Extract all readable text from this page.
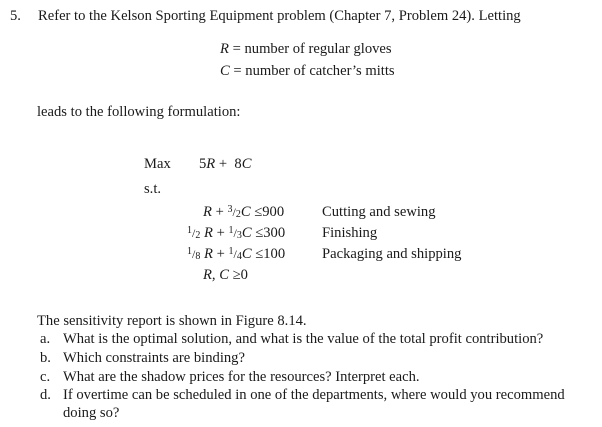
5. Refer to the Kelson Sporting Equipment problem (Chapter 7, Problem 24). Letting
R = number of regular gloves
C = number of catcher’s mitts
leads to the following formulation:
Max 5R + 8C
s.t.
R + $^3$/2C ≤900	Cutting and sewing
$^1$/2 R + $^1$/3C ≤300	Finishing
$^1$/8 R + $^1$/4C ≤100	Packaging and shipping
R, C ≥0
The sensitivity report is shown in Figure 8.14.
a. What is the optimal solution, and what is the value of the total profit contribution?
b. Which constraints are binding?
c. What are the shadow prices for the resources? Interpret each.
d. If overtime can be scheduled in one of the departments, where would you recommend
doing so?
